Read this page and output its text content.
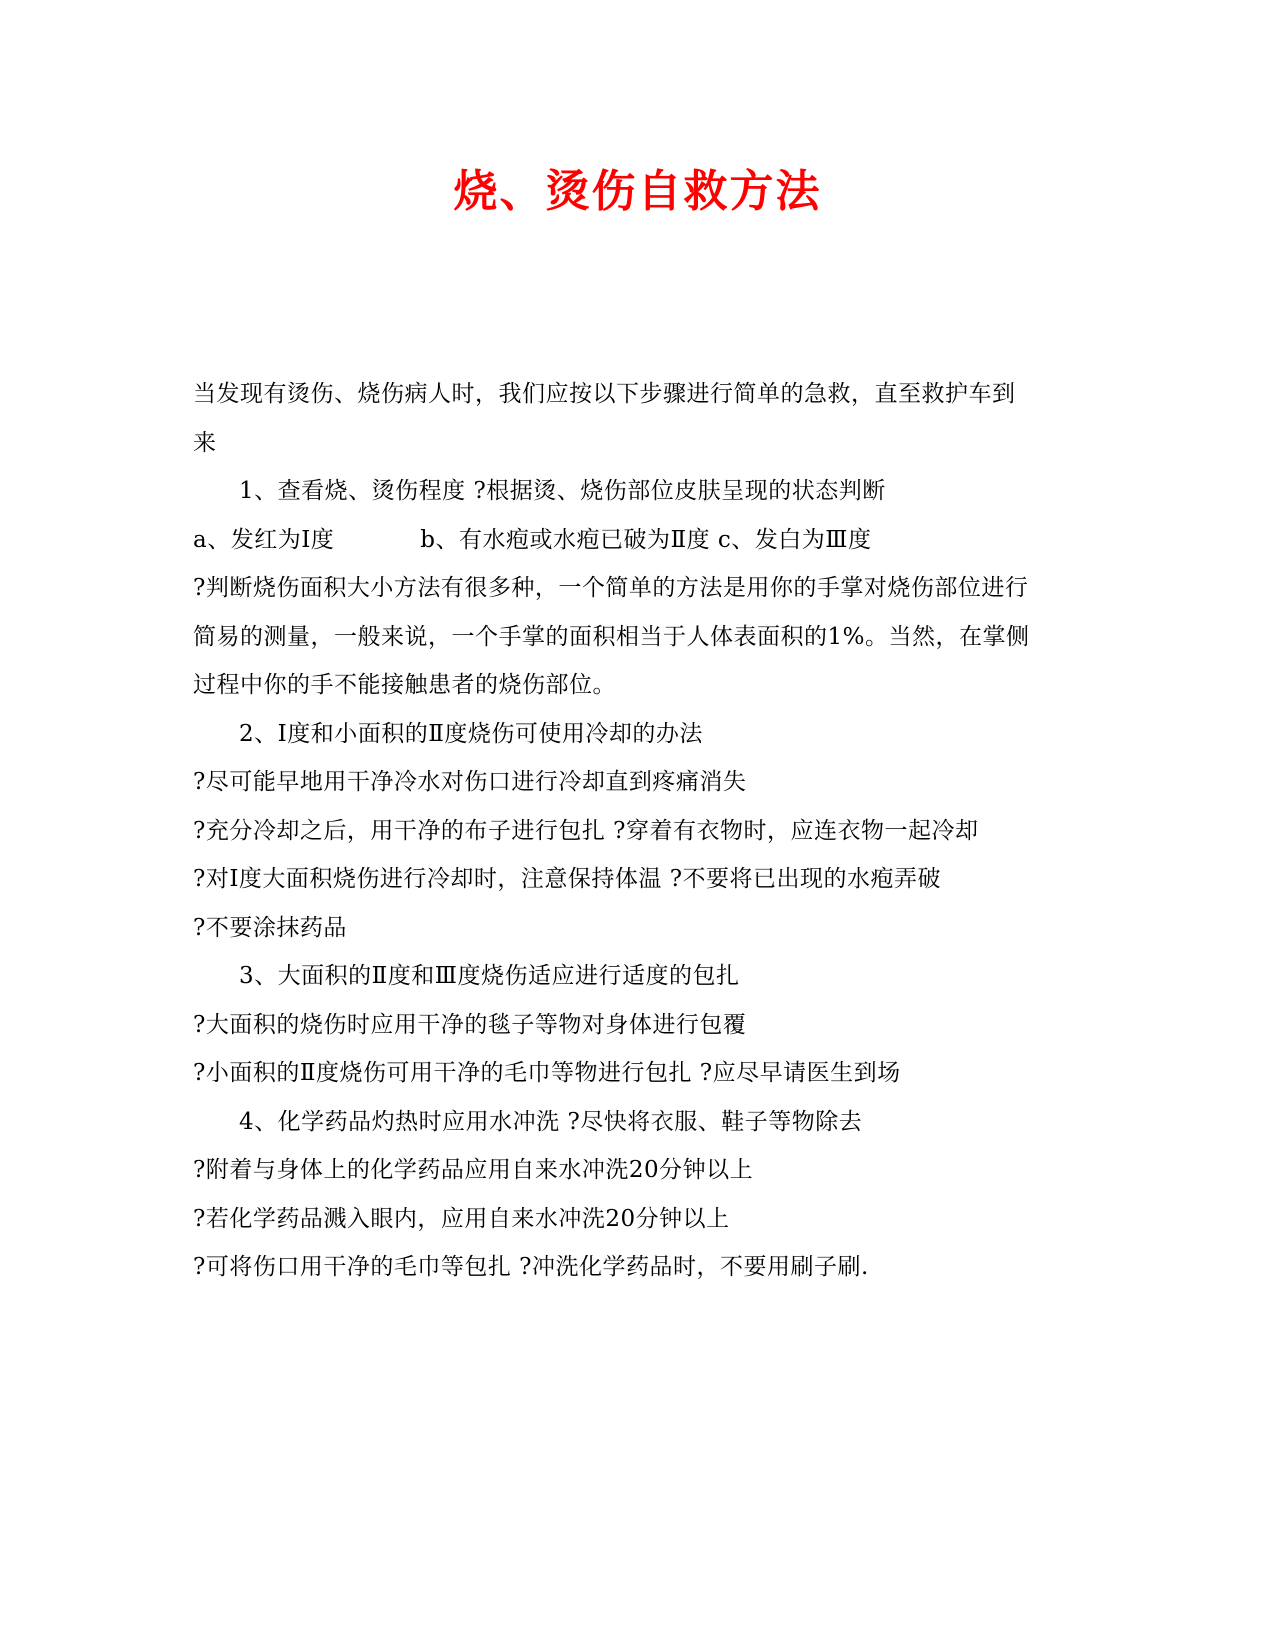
烧、烫伤自救方法
当发现有烫伤、烧伤病人时，我们应按以下步骤进行简单的急救，直至救护车到
来
1、查看烧、烫伤程度 ?根据烫、烧伤部位皮肤呈现的状态判断
a、发红为Ⅰ度           b、有水疱或水疱已破为Ⅱ度 c、发白为Ⅲ度
?判断烧伤面积大小方法有很多种，一个简单的方法是用你的手掌对烧伤部位进行
简易的测量，一般来说，一个手掌的面积相当于人体表面积的1%。当然，在掌侧
过程中你的手不能接触患者的烧伤部位。
2、Ⅰ度和小面积的Ⅱ度烧伤可使用冷却的办法
?尽可能早地用干净冷水对伤口进行冷却直到疼痛消失
?充分冷却之后，用干净的布子进行包扎 ?穿着有衣物时，应连衣物一起冷却
?对Ⅰ度大面积烧伤进行冷却时，注意保持体温 ?不要将已出现的水疱弄破
?不要涂抹药品
3、大面积的Ⅱ度和Ⅲ度烧伤适应进行适度的包扎
?大面积的烧伤时应用干净的毯子等物对身体进行包覆
?小面积的Ⅱ度烧伤可用干净的毛巾等物进行包扎 ?应尽早请医生到场
4、化学药品灼热时应用水冲洗 ?尽快将衣服、鞋子等物除去
?附着与身体上的化学药品应用自来水冲洗20分钟以上
?若化学药品溅入眼内，应用自来水冲洗20分钟以上
?可将伤口用干净的毛巾等包扎 ?冲洗化学药品时，不要用刷子刷.
